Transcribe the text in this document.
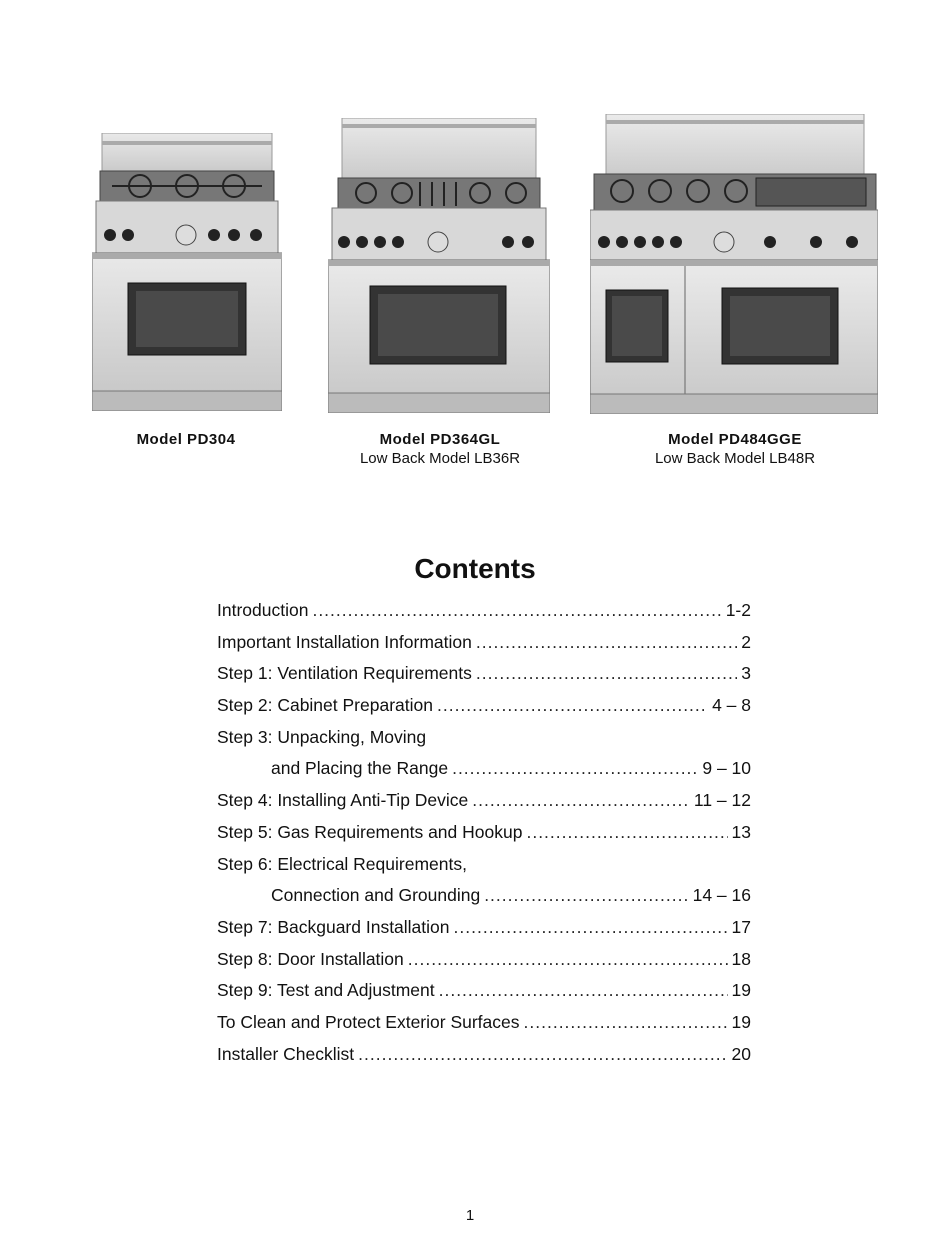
Model PD304	Model PD364GL
Low Back Model LB36R
Model PD484GGE
Low Back Model LB48R
Contents
Introduction .....	1-2
Important Installation Information .....	2
Step 1: Ventilation Requirements .....	3
Step 2: Cabinet Preparation .....	4 – 8
Step 3: Unpacking, Moving
and Placing the Range .....	9 – 10
Step 4: Installing Anti-Tip Device .....	11 – 12
Step 5: Gas Requirements and Hookup .....	13
Step 6: Electrical Requirements,
Connection and Grounding .....	14 – 16
Step 7: Backguard Installation .....	17
Step 8: Door Installation .....	18
Step 9: Test and Adjustment .....	19
To Clean and Protect Exterior Surfaces .....	19
Installer Checklist .....	20
1
